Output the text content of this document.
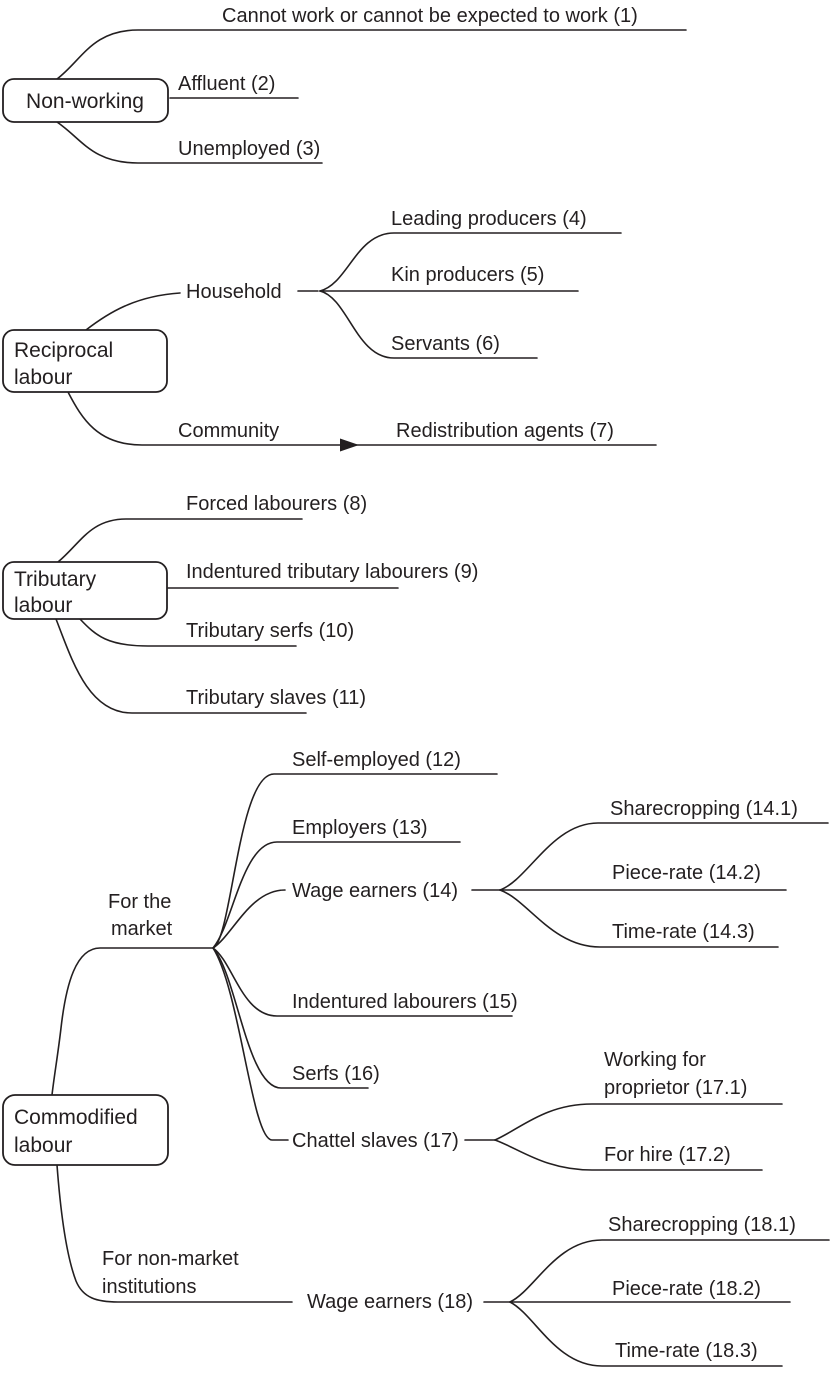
Non-working
Cannot work or cannot be expected to work (1)
Affluent (2)
Unemployed (3)
Reciprocal
labour
Household
Leading producers (4)
Kin producers (5)
Servants (6)
Community	Redistribution agents (7)
Tributary
labour
Forced labourers (8)
Indentured tributary labourers (9)
Tributary serfs (10)
Tributary slaves (11)
Commodified
labour
For the
market
Self-employed (12)
Employers (13)
Wage earners (14)
Sharecropping (14.1)
Piece-rate (14.2)
Time-rate (14.3)
Indentured labourers (15)
Serfs (16)
Chattel slaves (17)
Working for
proprietor (17.1)
For hire (17.2)
For non-market
institutions
Wage earners (18)
Sharecropping (18.1)
Piece-rate (18.2)
Time-rate (18.3)
